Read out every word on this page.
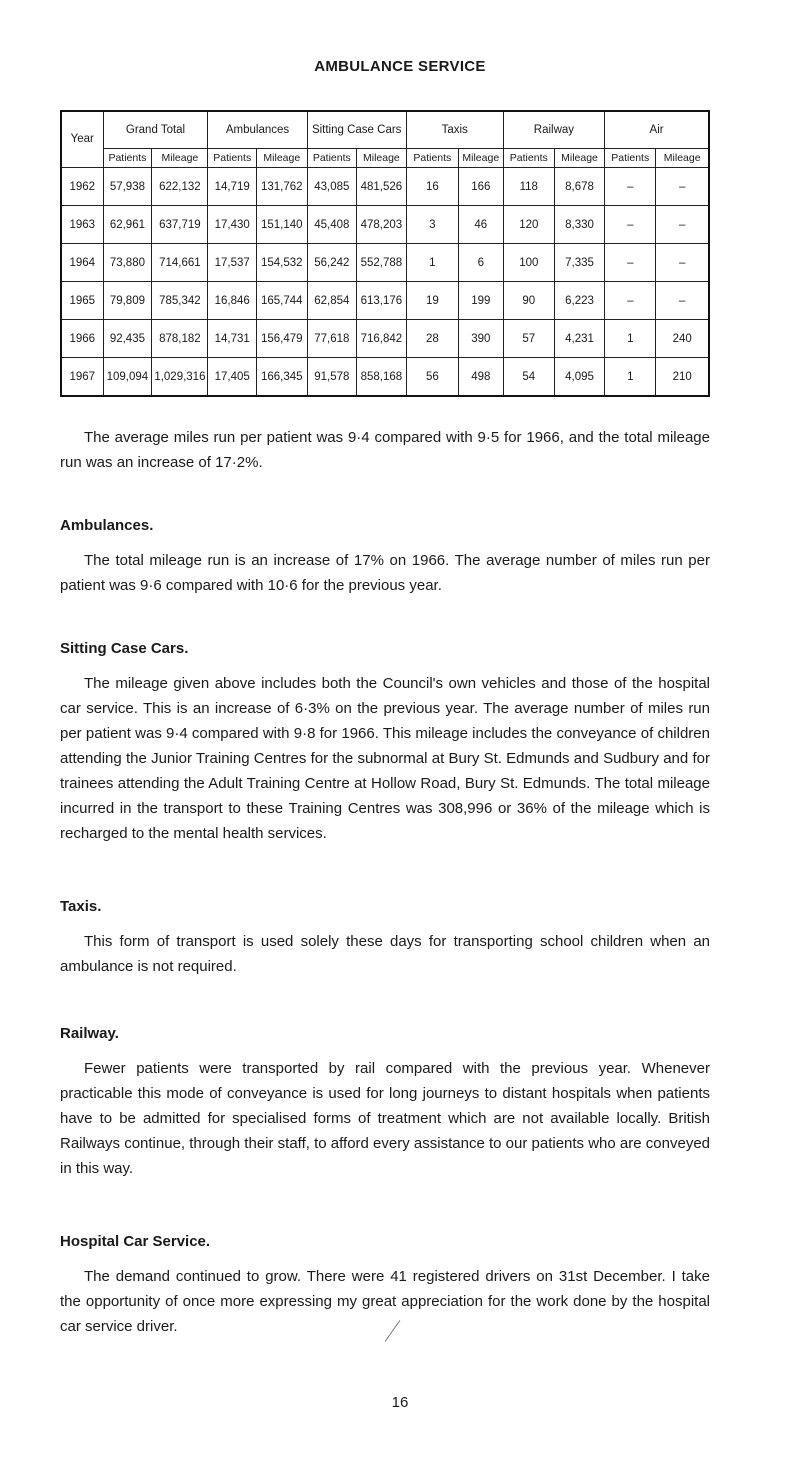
AMBULANCE SERVICE
Year	Grand Total		Ambulances		Sitting Case Cars		Taxis		Railway		Air	
	Patients	Mileage	Patients	Mileage	Patients	Mileage	Patients	Mileage	Patients	Mileage	Patients	Mileage
1962	57,938	622,132	14,719	131,762	43,085	481,526	16	166	118	8,678	–	–
1963	62,961	637,719	17,430	151,140	45,408	478,203	3	46	120	8,330	–	–
1964	73,880	714,661	17,537	154,532	56,242	552,788	1	6	100	7,335	–	–
1965	79,809	785,342	16,846	165,744	62,854	613,176	19	199	90	6,223	–	–
1966	92,435	878,182	14,731	156,479	77,618	716,842	28	390	57	4,231	1	240
1967	109,094	1,029,316	17,405	166,345	91,578	858,168	56	498	54	4,095	1	210

The average miles run per patient was 9·4 compared with 9·5 for 1966, and the total mileage run was an increase of 17·2%.

Ambulances.

The total mileage run is an increase of 17% on 1966. The average number of miles run per patient was 9·6 compared with 10·6 for the previous year.

Sitting Case Cars.

The mileage given above includes both the Council's own vehicles and those of the hospital car service. This is an increase of 6·3% on the previous year. The average number of miles run per patient was 9·4 compared with 9·8 for 1966. This mileage includes the conveyance of children attending the Junior Training Centres for the subnormal at Bury St. Edmunds and Sudbury and for trainees attending the Adult Training Centre at Hollow Road, Bury St. Edmunds. The total mileage incurred in the transport to these Training Centres was 308,996 or 36% of the mileage which is recharged to the mental health services.

Taxis.

This form of transport is used solely these days for transporting school children when an ambulance is not required.

Railway.

Fewer patients were transported by rail compared with the previous year. Whenever practicable this mode of conveyance is used for long journeys to distant hospitals when patients have to be admitted for specialised forms of treatment which are not available locally. British Railways continue, through their staff, to afford every assistance to our patients who are conveyed in this way.

Hospital Car Service.

The demand continued to grow. There were 41 registered drivers on 31st December. I take the opportunity of once more expressing my great appreciation for the work done by the hospital car service driver.

16
